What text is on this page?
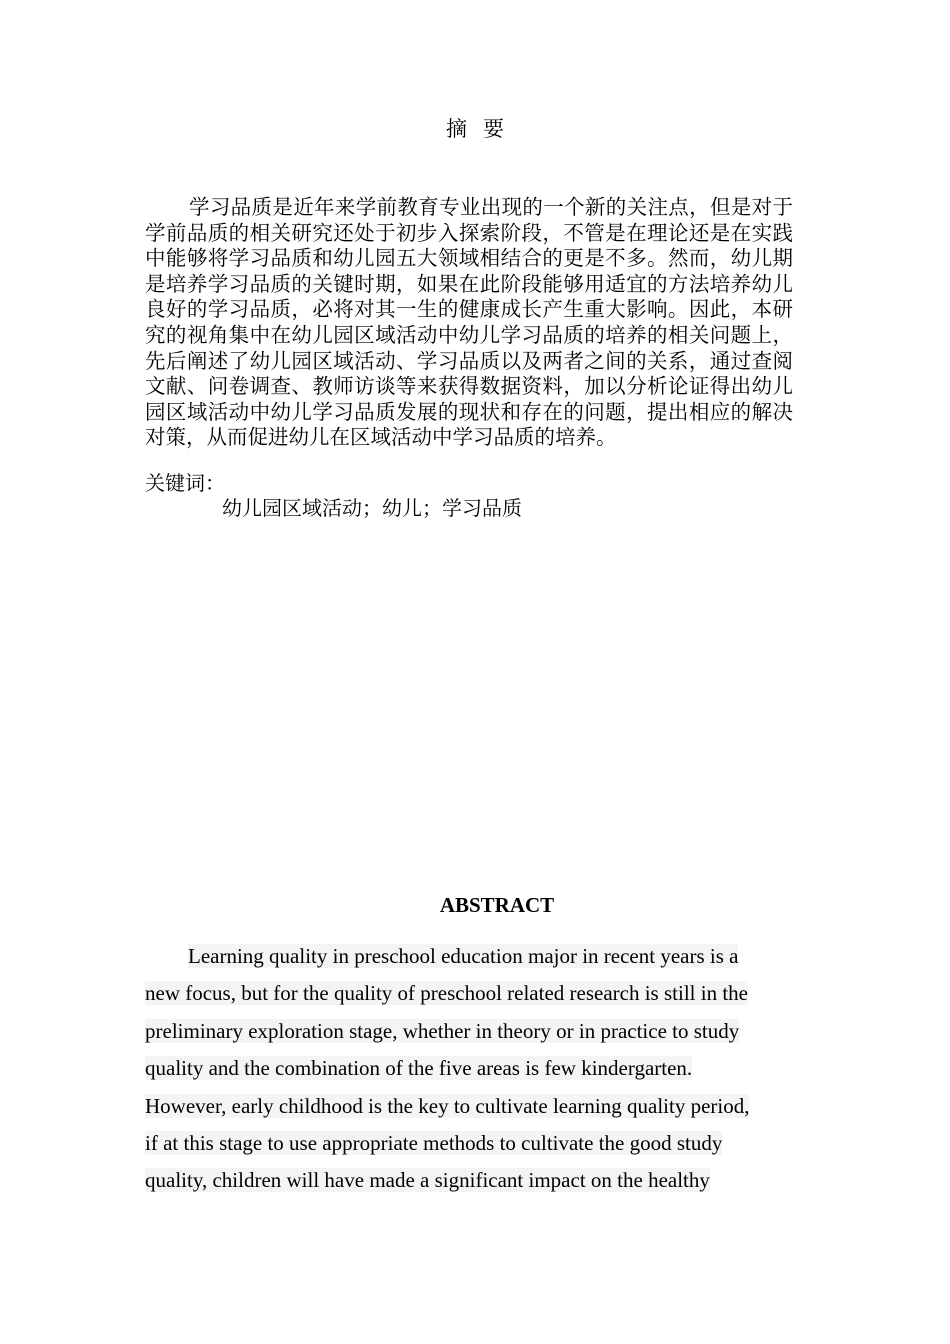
摘要
学习品质是近年来学前教育专业出现的一个新的关注点，但是对于学前品质的相关研究还处于初步入探索阶段，不管是在理论还是在实践中能够将学习品质和幼儿园五大领域相结合的更是不多。然而，幼儿期是培养学习品质的关键时期，如果在此阶段能够用适宜的方法培养幼儿良好的学习品质，必将对其一生的健康成长产生重大影响。因此，本研究的视角集中在幼儿园区域活动中幼儿学习品质的培养的相关问题上，先后阐述了幼儿园区域活动、学习品质以及两者之间的关系，通过查阅文献、问卷调查、教师访谈等来获得数据资料，加以分析论证得出幼儿园区域活动中幼儿学习品质发展的现状和存在的问题，提出相应的解决对策，从而促进幼儿在区域活动中学习品质的培养。
关键词：
幼儿园区域活动；幼儿；学习品质
ABSTRACT
Learning quality in preschool education major in recent years is a
new focus, but for the quality of preschool related research is still in the
preliminary exploration stage, whether in theory or in practice to study
quality and the combination of the five areas is few kindergarten.
However, early childhood is the key to cultivate learning quality period,
if at this stage to use appropriate methods to cultivate the good study
quality, children will have made a significant impact on the healthy
